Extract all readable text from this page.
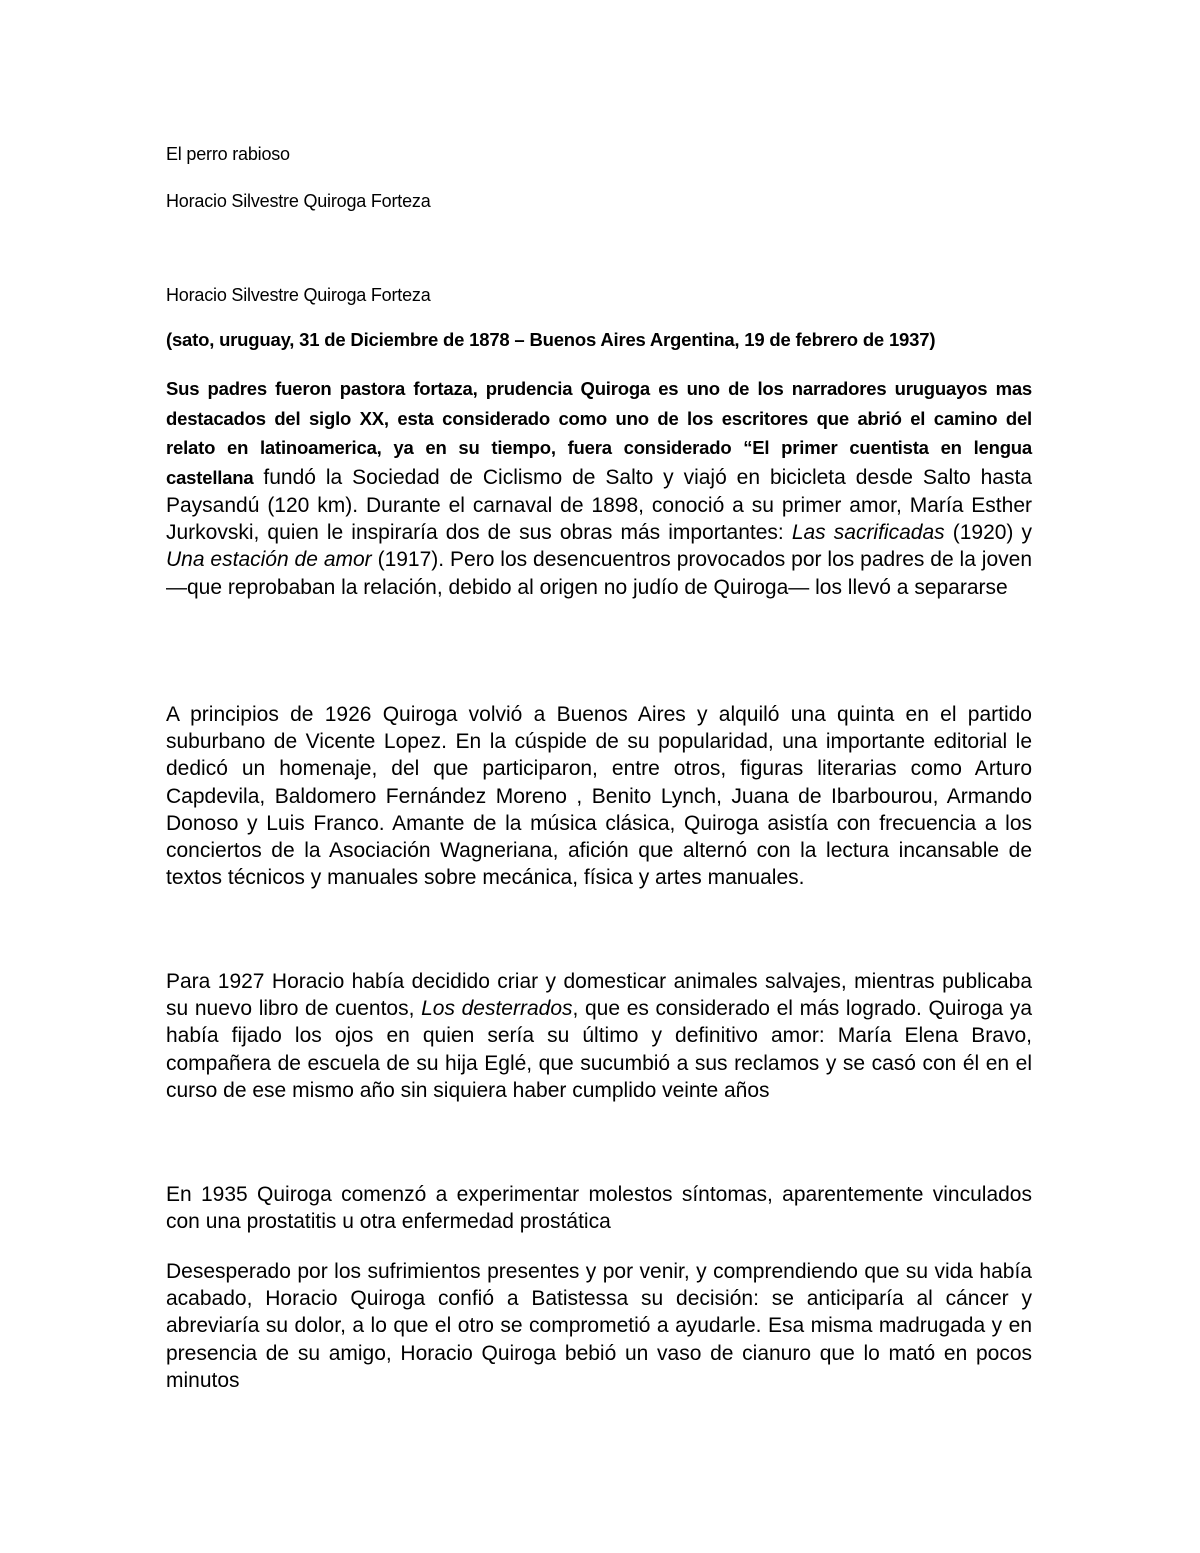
El perro rabioso

Horacio Silvestre Quiroga Forteza

Horacio Silvestre Quiroga Forteza

(sato, uruguay, 31 de Diciembre de 1878 – Buenos Aires Argentina, 19 de febrero de 1937)

Sus padres fueron pastora fortaza, prudencia Quiroga es uno de los narradores uruguayos mas destacados del siglo XX, esta considerado como uno de los escritores que abrió el camino del relato en latinoamerica, ya en su tiempo, fuera considerado “El primer cuentista en lengua castellana fundó la Sociedad de Ciclismo de Salto y viajó en bicicleta desde Salto hasta Paysandú (120 km). Durante el carnaval de 1898, conoció a su primer amor, María Esther Jurkovski, quien le inspiraría dos de sus obras más importantes: Las sacrificadas (1920) y Una estación de amor (1917). Pero los desencuentros provocados por los padres de la joven —que reprobaban la relación, debido al origen no judío de Quiroga— los llevó a separarse

A principios de 1926 Quiroga volvió a Buenos Aires y alquiló una quinta en el partido suburbano de Vicente Lopez. En la cúspide de su popularidad, una importante editorial le dedicó un homenaje, del que participaron, entre otros, figuras literarias como Arturo Capdevila, Baldomero Fernández Moreno , Benito Lynch, Juana de Ibarbourou, Armando Donoso y Luis Franco. Amante de la música clásica, Quiroga asistía con frecuencia a los conciertos de la Asociación Wagneriana, afición que alternó con la lectura incansable de textos técnicos y manuales sobre mecánica, física y artes manuales.

Para 1927 Horacio había decidido criar y domesticar animales salvajes, mientras publicaba su nuevo libro de cuentos, Los desterrados, que es considerado el más logrado. Quiroga ya había fijado los ojos en quien sería su último y definitivo amor: María Elena Bravo, compañera de escuela de su hija Eglé, que sucumbió a sus reclamos y se casó con él en el curso de ese mismo año sin siquiera haber cumplido veinte años

En 1935 Quiroga comenzó a experimentar molestos síntomas, aparentemente vinculados con una prostatitis u otra enfermedad prostática

Desesperado por los sufrimientos presentes y por venir, y comprendiendo que su vida había acabado, Horacio Quiroga confió a Batistessa su decisión: se anticiparía al cáncer y abreviaría su dolor, a lo que el otro se comprometió a ayudarle. Esa misma madrugada y en presencia de su amigo, Horacio Quiroga bebió un vaso de cianuro que lo mató en pocos minutos
